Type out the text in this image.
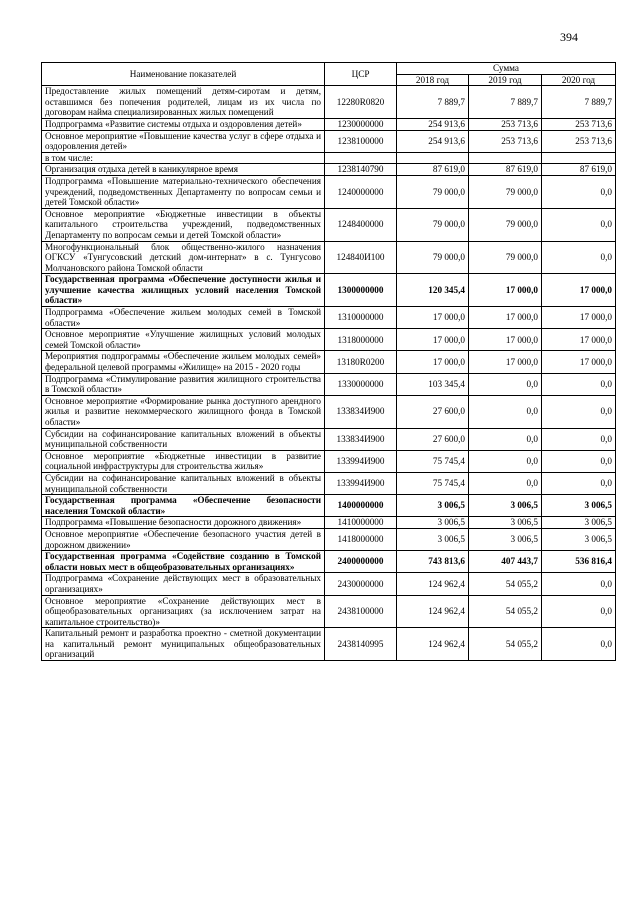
394
Наименование показателей	ЦСР	Сумма		
		2018 год	2019 год	2020 год
Предоставление жилых помещений детям-сиротам и детям, оставшимся без попечения родителей, лицам из их числа по договорам найма специализированных жилых помещений	12280R0820	7 889,7	7 889,7	7 889,7
Подпрограмма «Развитие системы отдыха и оздоровления детей»	1230000000	254 913,6	253 713,6	253 713,6
Основное мероприятие «Повышение качества услуг в сфере отдыха и оздоровления детей»	1238100000	254 913,6	253 713,6	253 713,6
в том числе:				
Организация отдыха детей в каникулярное время	1238140790	87 619,0	87 619,0	87 619,0
Подпрограмма «Повышение материально-технического обеспечения учреждений, подведомственных Департаменту по вопросам семьи и детей Томской области»	1240000000	79 000,0	79 000,0	0,0
Основное мероприятие «Бюджетные инвестиции в объекты капитального строительства учреждений, подведомственных Департаменту по вопросам семьи и детей Томской области»	1248400000	79 000,0	79 000,0	0,0
Многофункциональный блок общественно-жилого назначения ОГКСУ «Тунгусовский детский дом-интернат» в с. Тунгусово Молчановского района Томской области	124840И100	79 000,0	79 000,0	0,0
Государственная программа «Обеспечение доступности жилья и улучшение качества жилищных условий населения Томской области»	1300000000	120 345,4	17 000,0	17 000,0
Подпрограмма «Обеспечение жильем молодых семей в Томской области»	1310000000	17 000,0	17 000,0	17 000,0
Основное мероприятие «Улучшение жилищных условий молодых семей Томской области»	1318000000	17 000,0	17 000,0	17 000,0
Мероприятия подпрограммы «Обеспечение жильем молодых семей» федеральной целевой программы «Жилище» на 2015 - 2020 годы	13180R0200	17 000,0	17 000,0	17 000,0
Подпрограмма «Стимулирование развития жилищного строительства в Томской области»	1330000000	103 345,4	0,0	0,0
Основное мероприятие «Формирование рынка доступного арендного жилья и развитие некоммерческого жилищного фонда в Томской области»	133834И900	27 600,0	0,0	0,0
Субсидии на софинансирование капитальных вложений в объекты муниципальной собственности	133834И900	27 600,0	0,0	0,0
Основное мероприятие «Бюджетные инвестиции в развитие социальной инфраструктуры для строительства жилья»	133994И900	75 745,4	0,0	0,0
Субсидии на софинансирование капитальных вложений в объекты муниципальной собственности	133994И900	75 745,4	0,0	0,0
Государственная программа «Обеспечение безопасности населения Томской области»	1400000000	3 006,5	3 006,5	3 006,5
Подпрограмма «Повышение безопасности дорожного движения»	1410000000	3 006,5	3 006,5	3 006,5
Основное мероприятие «Обеспечение безопасного участия детей в дорожном движении»	1418000000	3 006,5	3 006,5	3 006,5
Государственная программа «Содействие созданию в Томской области новых мест в общеобразовательных организациях»	2400000000	743 813,6	407 443,7	536 816,4
Подпрограмма «Сохранение действующих мест в образовательных организациях»	2430000000	124 962,4	54 055,2	0,0
Основное мероприятие «Сохранение действующих мест в общеобразовательных организациях (за исключением затрат на капитальное строительство)»	2438100000	124 962,4	54 055,2	0,0
Капитальный ремонт и разработка проектно - сметной документации на капитальный ремонт муниципальных общеобразовательных организаций	2438140995	124 962,4	54 055,2	0,0
